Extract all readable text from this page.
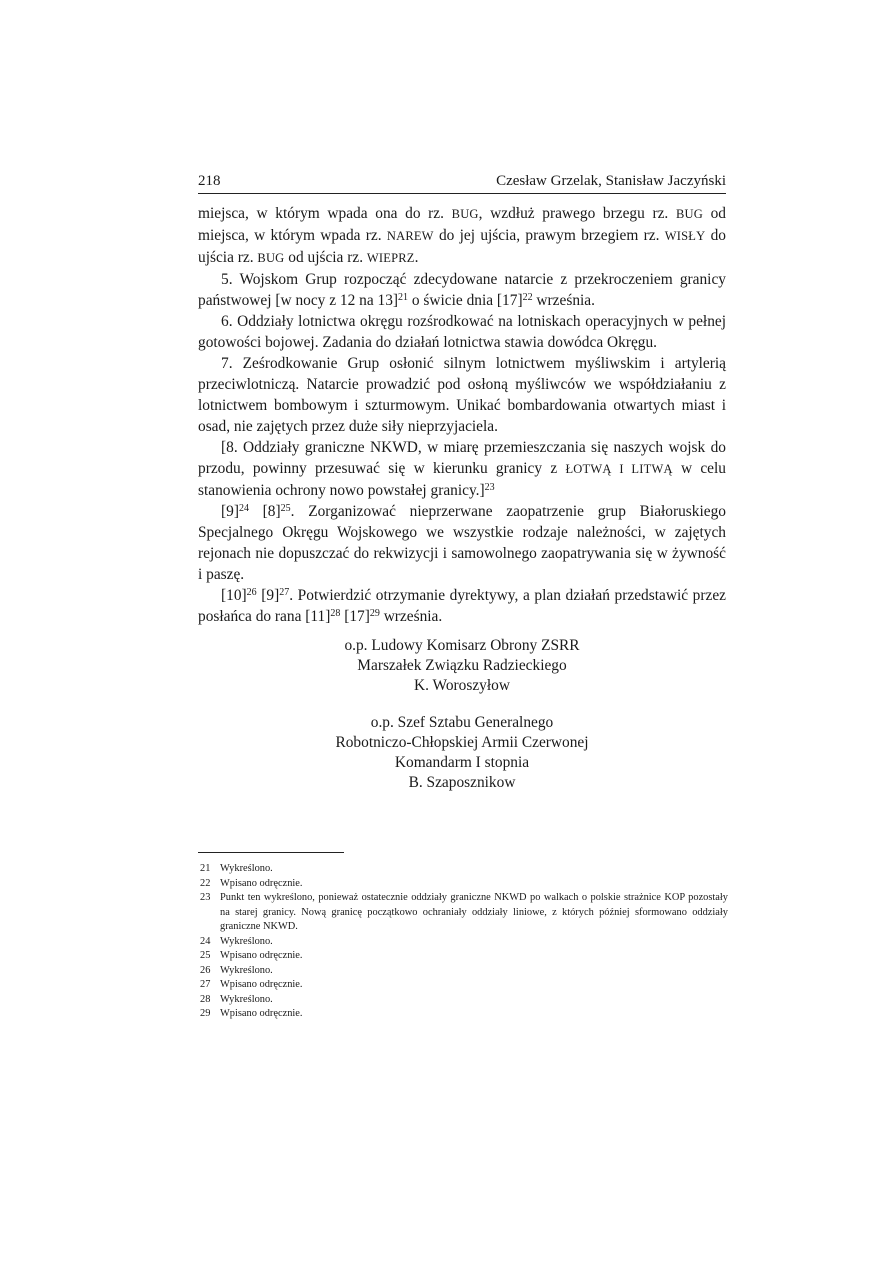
218	Czesław Grzelak, Stanisław Jaczyński

miejsca, w którym wpada ona do rz. BUG, wzdłuż prawego brzegu rz. BUG od miejsca, w którym wpada rz. NAREW do jej ujścia, prawym brzegiem rz. WISŁY do ujścia rz. BUG od ujścia rz. WIEPRZ.

5. Wojskom Grup rozpocząć zdecydowane natarcie z przekroczeniem granicy państwowej [w nocy z 12 na 13]$^{21}$ o świcie dnia $[17]^{22}$ września.

6. Oddziały lotnictwa okręgu rozśrodkować na lotniskach operacyjnych w pełnej gotowości bojowej. Zadania do działań lotnictwa stawia dowódca Okręgu.

7. Ześrodkowanie Grup osłonić silnym lotnictwem myśliwskim i artylerią przeciwlotniczą. Natarcie prowadzić pod osłoną myśliwców we współdziałaniu z lotnictwem bombowym i szturmowym. Unikać bombardowania otwartych miast i osad, nie zajętych przez duże siły nieprzyjaciela.

[8. Oddziały graniczne NKWD, w miarę przemieszczania się naszych wojsk do przodu, powinny przesuwać się w kierunku granicy z ŁOTWĄ I LITWĄ w celu stanowienia ochrony nowo powstałej granicy.]$^{23}$

$[9]^{24}$ $[8]^{25}$. Zorganizować nieprzerwane zaopatrzenie grup Białoruskiego Specjalnego Okręgu Wojskowego we wszystkie rodzaje należności, w zajętych rejonach nie dopuszczać do rekwizycji i samowolnego zaopatrywania się w żywność i paszę.

$[10]^{26}$ $[9]^{27}$. Potwierdzić otrzymanie dyrektywy, a plan działań przedstawić przez posłańca do rana $[11]^{28}$ $[17]^{29}$ września.

o.p. Ludowy Komisarz Obrony ZSRR
Marszałek Związku Radzieckiego
K. Woroszyłow
o.p. Szef Sztabu Generalnego
Robotniczo-Chłopskiej Armii Czerwonej
Komandarm I stopnia
B. Szaposznikow
21 Wykreślono.
22 Wpisano odręcznie.
23 Punkt ten wykreślono, ponieważ ostatecznie oddziały graniczne NKWD po walkach o polskie strażnice KOP pozostały na starej granicy. Nową granicę początkowo ochraniały oddziały liniowe, z których później sformowano oddziały graniczne NKWD.
24 Wykreślono.
25 Wpisano odręcznie.
26 Wykreślono.
27 Wpisano odręcznie.
28 Wykreślono.
29 Wpisano odręcznie.
